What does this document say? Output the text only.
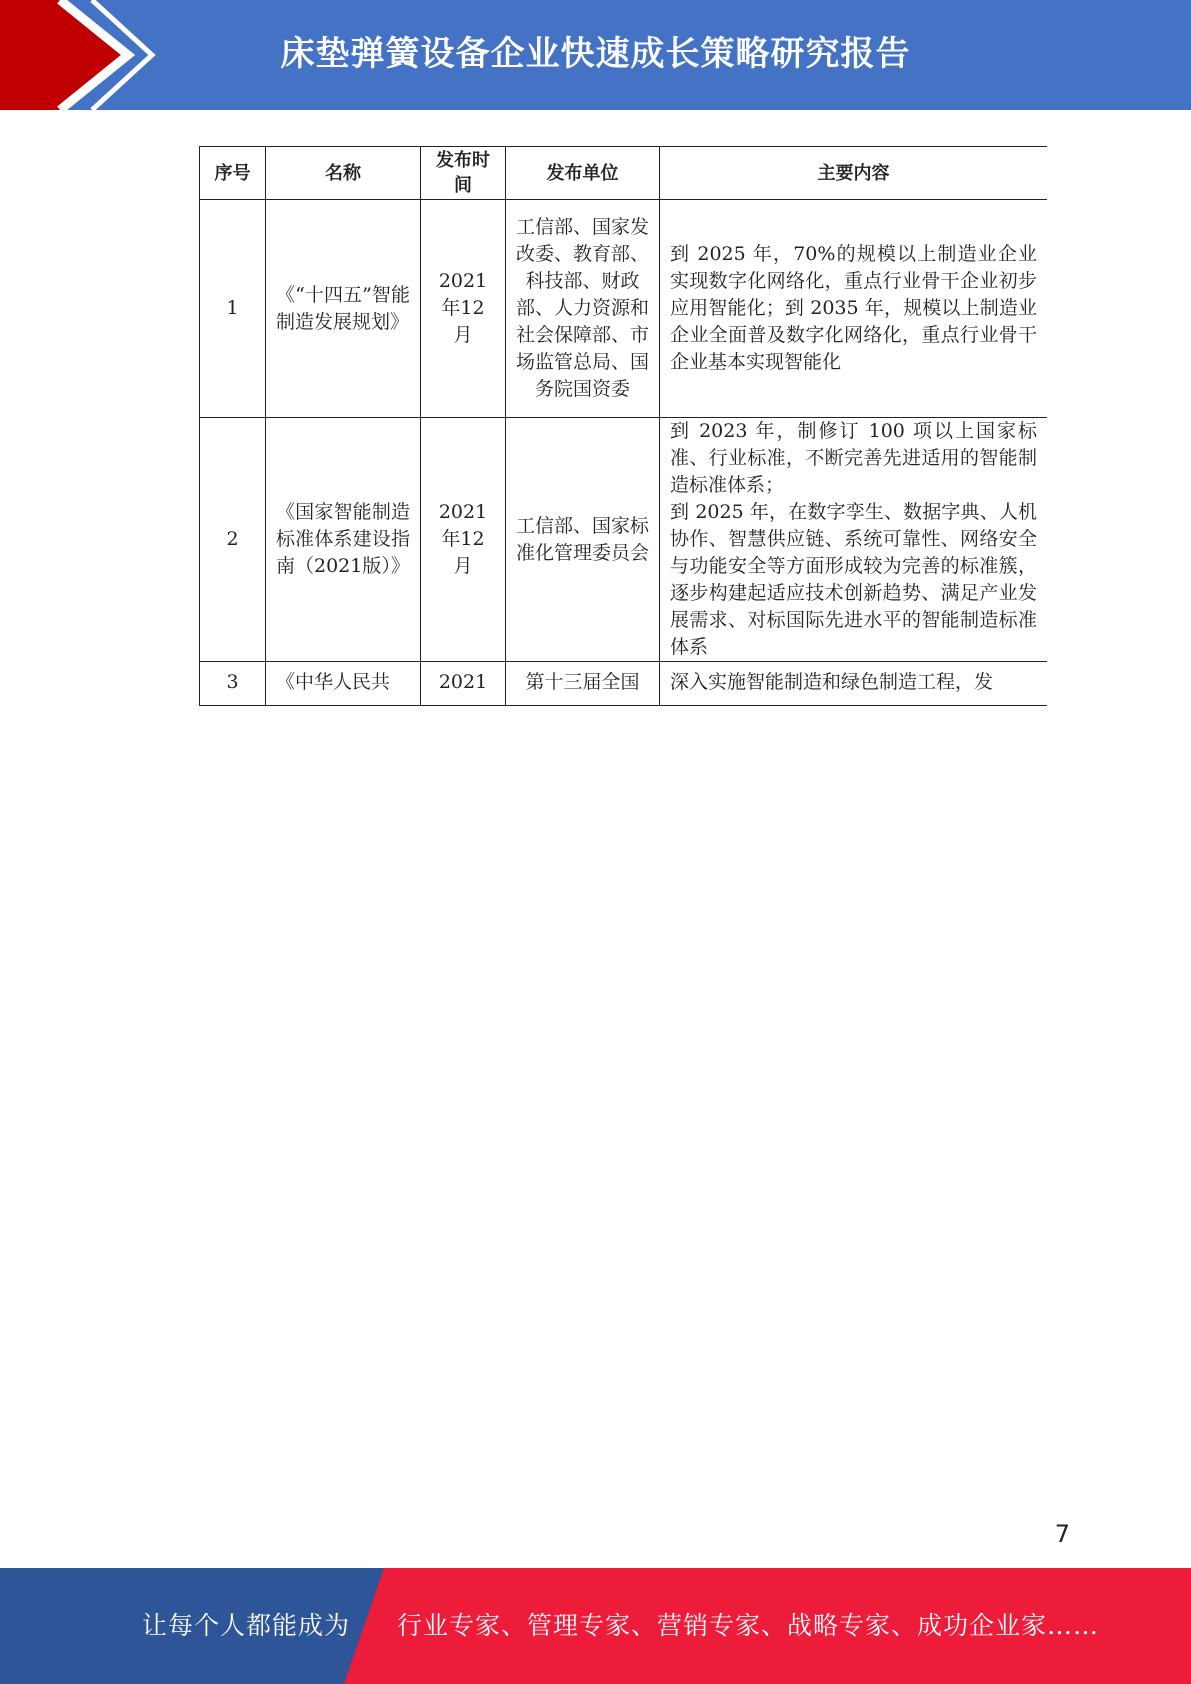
床垫弹簧设备企业快速成长策略研究报告
序号	名称	发布时间	发布单位	主要内容
1	《“十四五”智能制造发展规划》	2021年12月	工信部、国家发改委、教育部、科技部、财政部、人力资源和社会保障部、市场监管总局、国务院国资委	到 2025 年，70%的规模以上制造业企业实现数字化网络化，重点行业骨干企业初步应用智能化；到 2035 年，规模以上制造业企业全面普及数字化网络化，重点行业骨干企业基本实现智能化
2	《国家智能制造标准体系建设指南（2021版）》	2021年12月	工信部、国家标准化管理委员会	到 2023 年，制修订 100 项以上国家标准、行业标准，不断完善先进适用的智能制造标准体系；
到 2025 年，在数字孪生、数据字典、人机协作、智慧供应链、系统可靠性、网络安全与功能安全等方面形成较为完善的标准簇，逐步构建起适应技术创新趋势、满足产业发展需求、对标国际先进水平的智能制造标准体系

3	《中华人民共	2021	第十三届全国	深入实施智能制造和绿色制造工程，发
7
让每个人都能成为 行业专家、管理专家、营销专家、战略专家、成功企业家……
